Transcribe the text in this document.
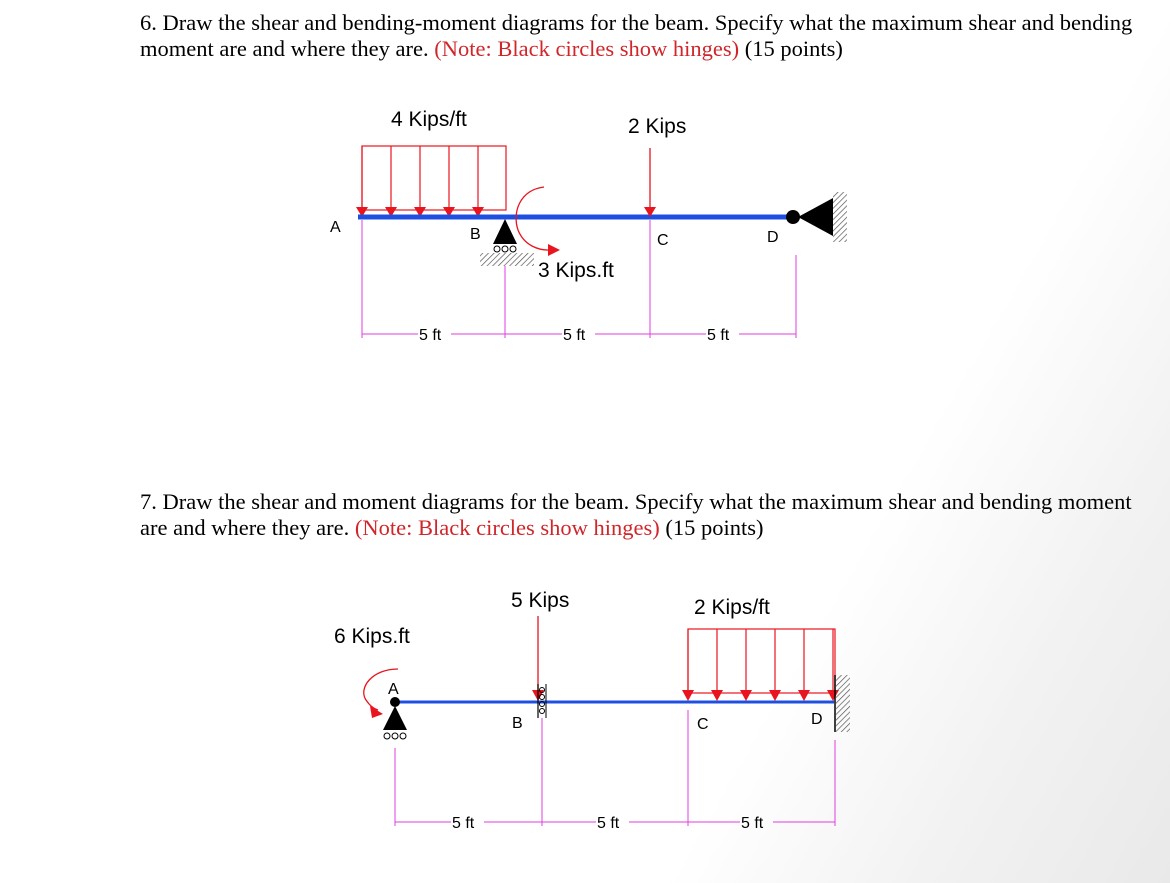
6. Draw the shear and bending-moment diagrams for the beam. Specify what the maximum shear and bending moment are and where they are. (Note: Black circles show hinges) (15 points)

7. Draw the shear and moment diagrams for the beam. Specify what the maximum shear and bending moment are and where they are. (Note: Black circles show hinges) (15 points)

4 Kips/ft	2 Kips
3 Kips.ft
A	B	C	D
5 ft	5 ft	5 ft
6 Kips.ft
A
5 Kips
B
2 Kips/ft
C	D
5 ft	5 ft	5 ft
